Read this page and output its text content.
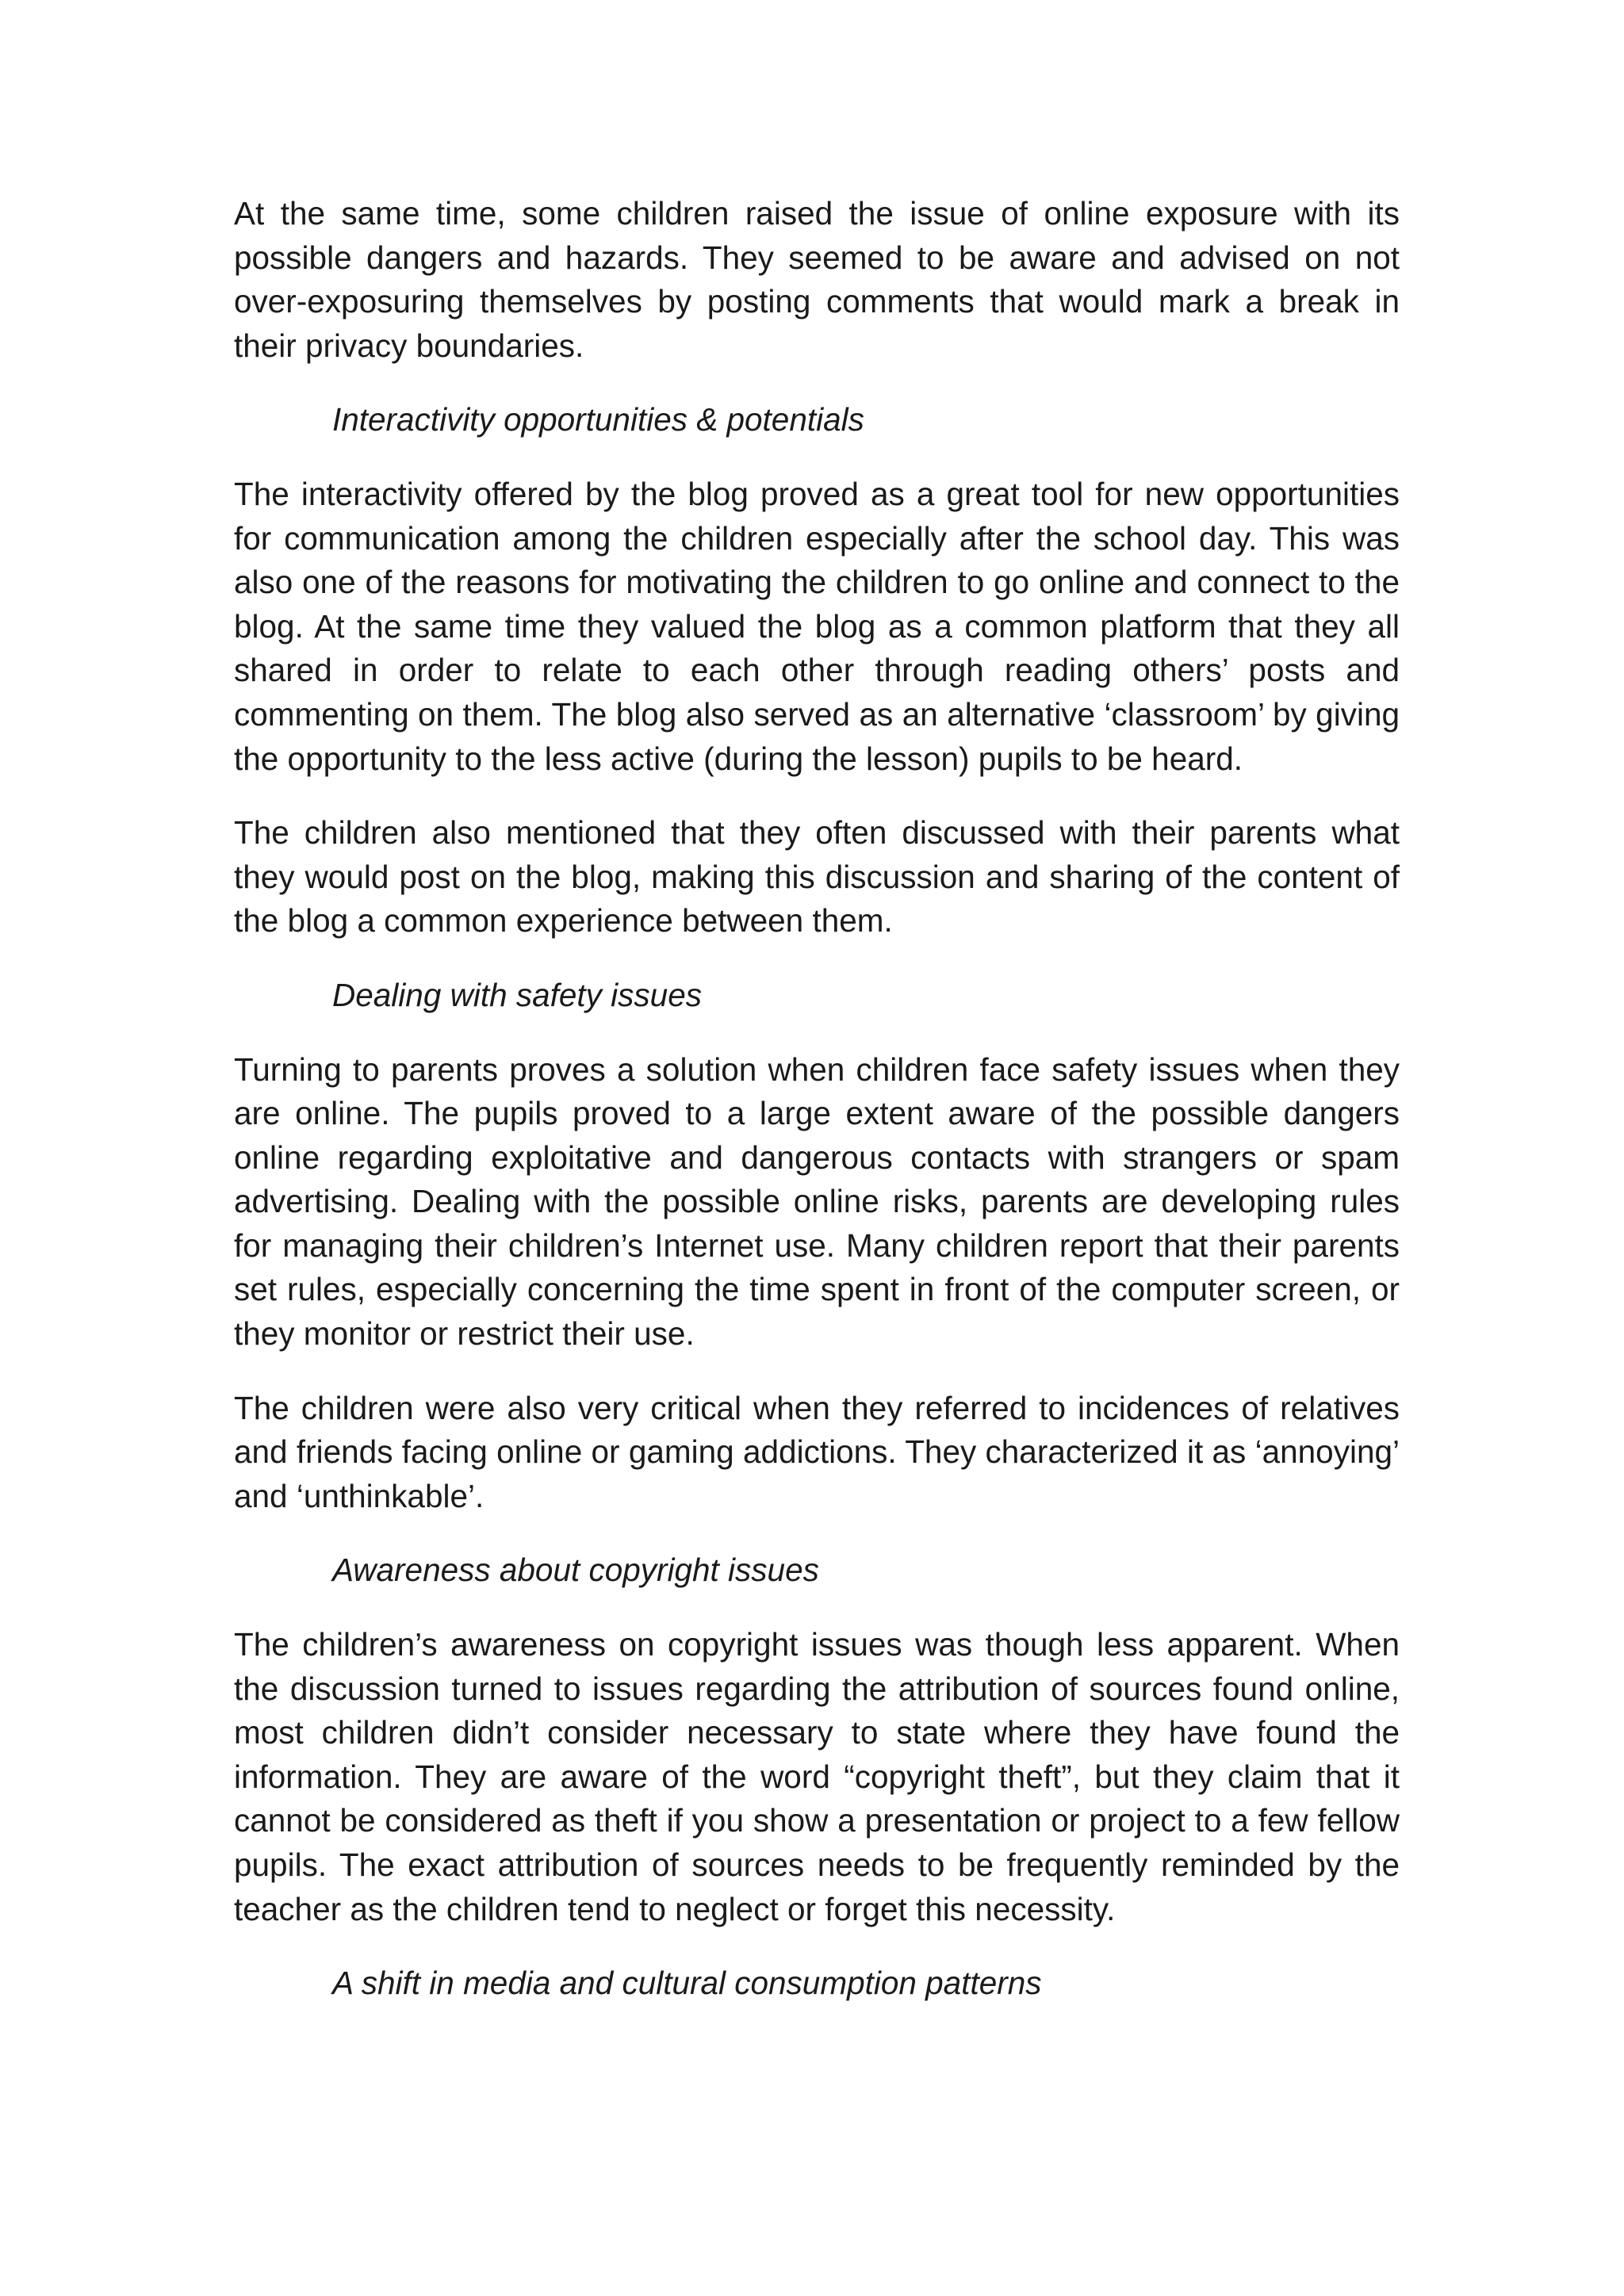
At the same time, some children raised the issue of online exposure with its possible dangers and hazards. They seemed to be aware and advised on not over-exposuring themselves by posting comments that would mark a break in their privacy boundaries.

Interactivity opportunities & potentials

The interactivity offered by the blog proved as a great tool for new opportunities for communication among the children especially after the school day. This was also one of the reasons for motivating the children to go online and connect to the blog. At the same time they valued the blog as a common platform that they all shared in order to relate to each other through reading others’ posts and commenting on them. The blog also served as an alternative ‘classroom’ by giving the opportunity to the less active (during the lesson) pupils to be heard.

The children also mentioned that they often discussed with their parents what they would post on the blog, making this discussion and sharing of the content of the blog a common experience between them.

Dealing with safety issues

Turning to parents proves a solution when children face safety issues when they are online. The pupils proved to a large extent aware of the possible dangers online regarding exploitative and dangerous contacts with strangers or spam advertising. Dealing with the possible online risks, parents are developing rules for managing their children’s Internet use. Many children report that their parents set rules, especially concerning the time spent in front of the computer screen, or they monitor or restrict their use.

The children were also very critical when they referred to incidences of relatives and friends facing online or gaming addictions. They characterized it as ‘annoying’ and ‘unthinkable’.

Awareness about copyright issues

The children’s awareness on copyright issues was though less apparent. When the discussion turned to issues regarding the attribution of sources found online, most children didn’t consider necessary to state where they have found the information. They are aware of the word “copyright theft”, but they claim that it cannot be considered as theft if you show a presentation or project to a few fellow pupils. The exact attribution of sources needs to be frequently reminded by the teacher as the children tend to neglect or forget this necessity.

A shift in media and cultural consumption patterns
